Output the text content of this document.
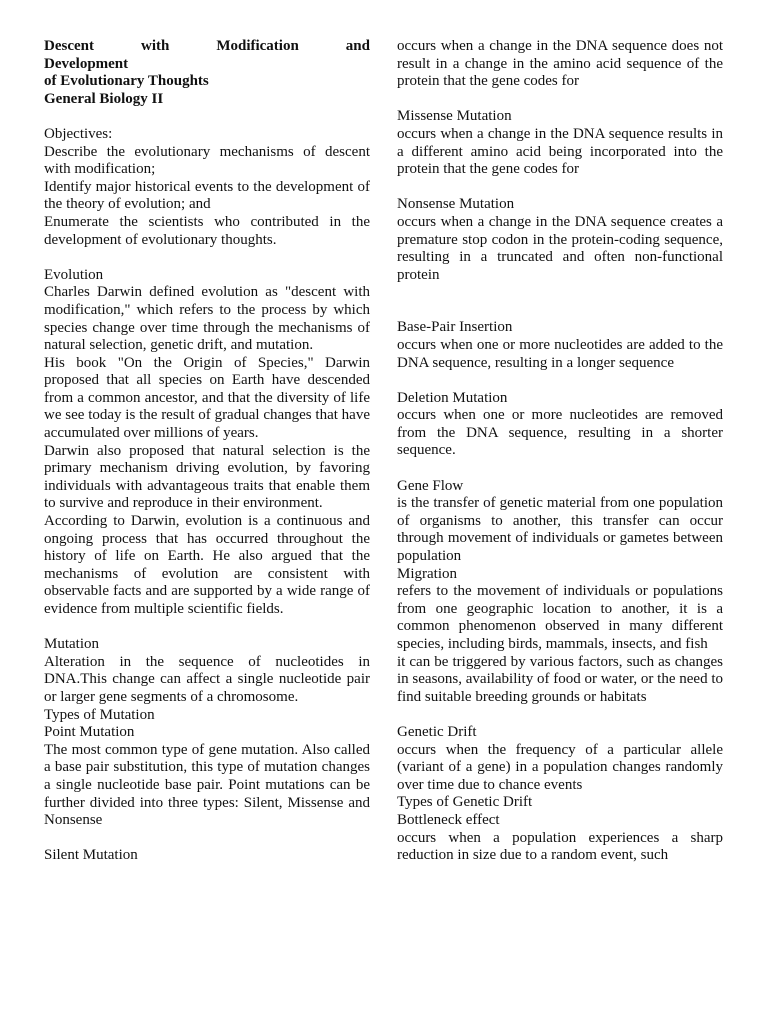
Descent with Modification and

Development

of Evolutionary Thoughts

General Biology II

Objectives:

Describe the evolutionary mechanisms of descent with modification;

Identify major historical events to the development of the theory of evolution; and

Enumerate the scientists who contributed in the development of evolutionary thoughts.

Evolution

Charles Darwin defined evolution as "descent with modification," which refers to the process by which species change over time through the mechanisms of natural selection, genetic drift, and mutation.

His book "On the Origin of Species," Darwin proposed that all species on Earth have descended from a common ancestor, and that the diversity of life we see today is the result of gradual changes that have accumulated over millions of years.

Darwin also proposed that natural selection is the primary mechanism driving evolution, by favoring individuals with advantageous traits that enable them to survive and reproduce in their environment.

According to Darwin, evolution is a continuous and ongoing process that has occurred throughout the history of life on Earth. He also argued that the mechanisms of evolution are consistent with observable facts and are supported by a wide range of evidence from multiple scientific fields.

Mutation

Alteration in the sequence of nucleotides in DNA.This change can affect a single nucleotide pair or larger gene segments of a chromosome.

Types of Mutation

Point Mutation

The most common type of gene mutation. Also called a base pair substitution, this type of mutation changes a single nucleotide base pair. Point mutations can be further divided into three types: Silent, Missense and Nonsense

Silent Mutation

occurs when a change in the DNA sequence does not result in a change in the amino acid sequence of the protein that the gene codes for

Missense Mutation

occurs when a change in the DNA sequence results in a different amino acid being incorporated into the protein that the gene codes for

Nonsense Mutation

occurs when a change in the DNA sequence creates a premature stop codon in the protein-coding sequence, resulting in a truncated and often non-functional protein

Base-Pair Insertion

occurs when one or more nucleotides are added to the DNA sequence, resulting in a longer sequence

Deletion Mutation

occurs when one or more nucleotides are removed from the DNA sequence, resulting in a shorter sequence.

Gene Flow

is the transfer of genetic material from one population of organisms to another, this transfer can occur through movement of individuals or gametes between population

Migration

refers to the movement of individuals or populations from one geographic location to another, it is a common phenomenon observed in many different species, including birds, mammals, insects, and fish

it can be triggered by various factors, such as changes in seasons, availability of food or water, or the need to find suitable breeding grounds or habitats

Genetic Drift

occurs when the frequency of a particular allele (variant of a gene) in a population changes randomly over time due to chance events

Types of Genetic Drift

Bottleneck effect

occurs when a population experiences a sharp reduction in size due to a random event, such
